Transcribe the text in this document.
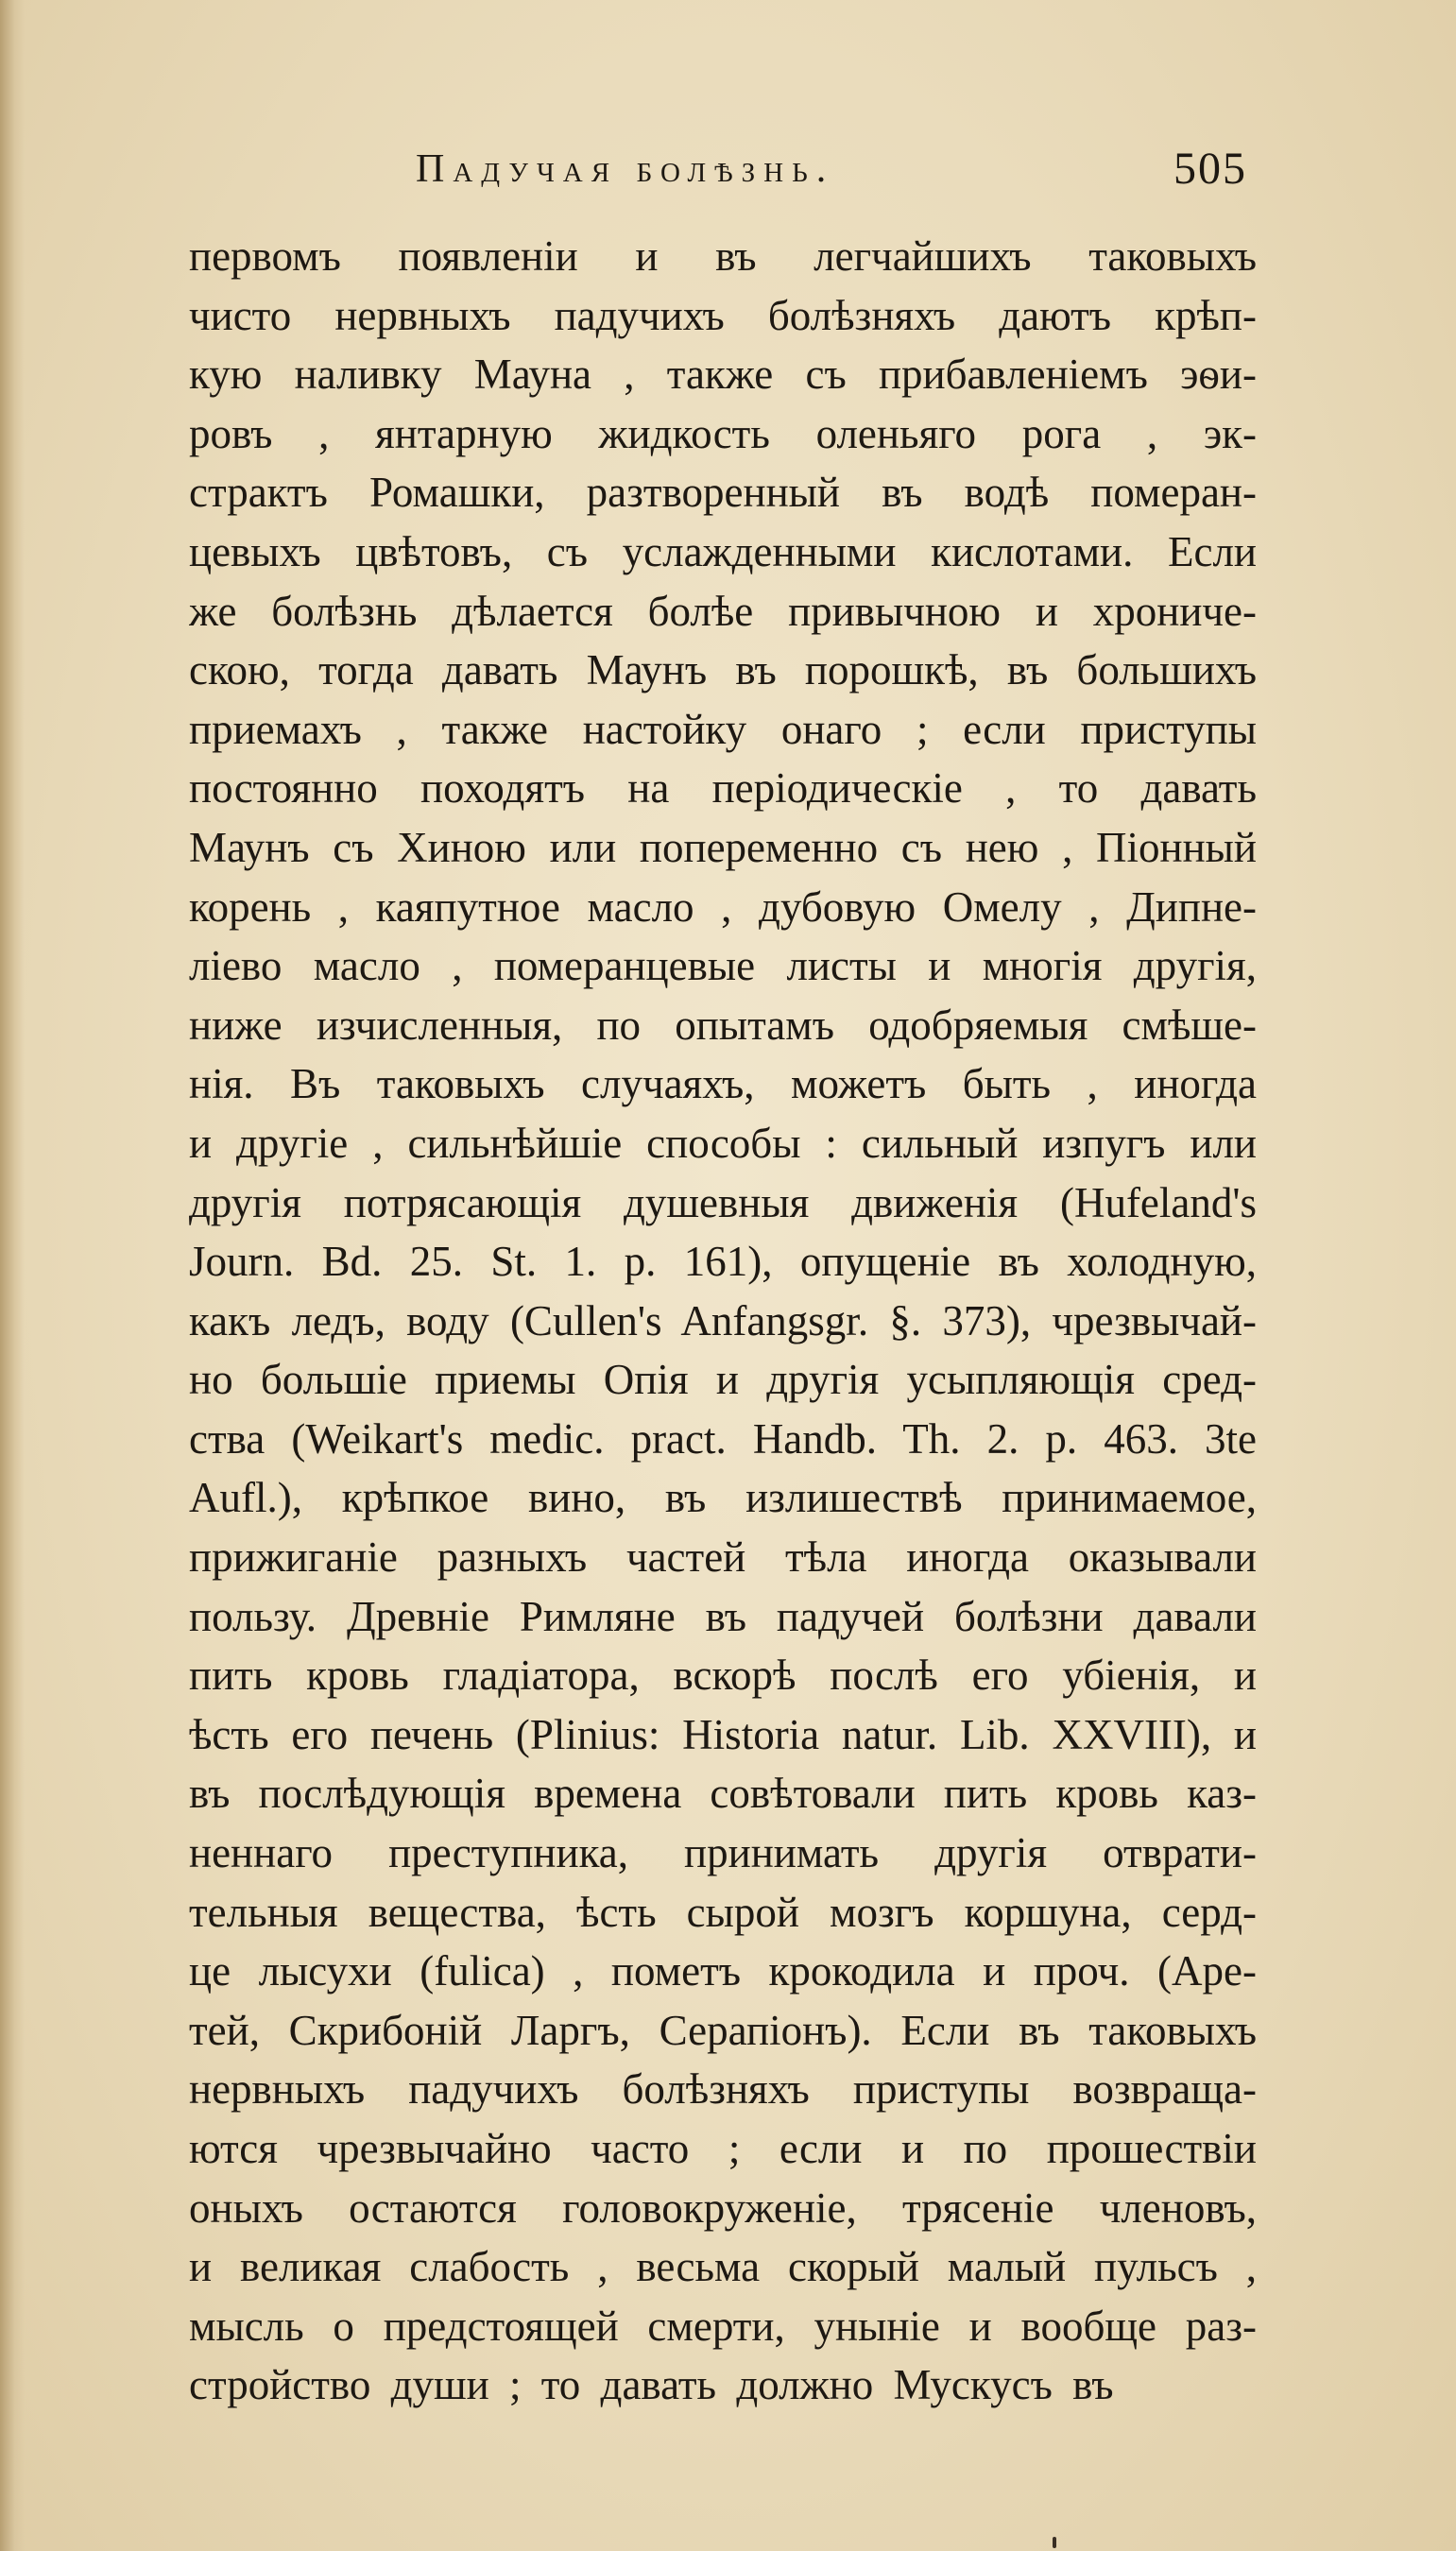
Падучая болѣзнь.	505
первомъ появленіи и въ легчайшихъ таковыхъ
чисто нервныхъ падучихъ болѣзняхъ даютъ крѣп-
кую наливку Мауна , также съ прибавленіемъ эѳи-
ровъ , янтарную жидкость оленьяго рога , эк-
страктъ Ромашки, разтворенный въ водѣ померан-
цевыхъ цвѣтовъ, съ услажденными кислотами. Если
же болѣзнь дѣлается болѣе привычною и хрониче-
скою, тогда давать Маунъ въ порошкѣ, въ большихъ
приемахъ , также настойку онаго ; если приступы
постоянно походятъ на періодическіе , то давать
Маунъ съ Хиною или попеременно съ нею , Піонный
корень , каяпутное масло , дубовую Омелу , Дипне-
ліево масло , померанцевые листы и многія другія,
ниже изчисленныя, по опытамъ одобряемыя смѣше-
нія. Въ таковыхъ случаяхъ, можетъ быть , иногда
и другіе , сильнѣйшіе способы : сильный изпугъ или
другія потрясающія душевныя движенія (Hufeland's
Journ. Bd. 25. St. 1. p. 161), опущеніе въ холодную,
какъ ледъ, воду (Cullen's Anfangsgr. §. 373), чрезвычай-
но большіе приемы Опія и другія усыпляющія сред-
ства (Weikart's medic. pract. Handb. Th. 2. p. 463. 3te
Aufl.), крѣпкое вино, въ излишествѣ принимаемое,
прижиганіе разныхъ частей тѣла иногда оказывали
пользу. Древніе Римляне въ падучей болѣзни давали
пить кровь гладіатора, вскорѣ послѣ его убіенія, и
ѣсть его печень (Plinius: Historia natur. Lib. XXVIII), и
въ послѣдующія времена совѣтовали пить кровь каз-
неннаго преступника, принимать другія отврати-
тельныя вещества, ѣсть сырой мозгъ коршуна, серд-
це лысухи (fulica) , пометъ крокодила и проч. (Аре-
тей, Скрибоній Ларгъ, Серапіонъ). Если въ таковыхъ
нервныхъ падучихъ болѣзняхъ приступы возвраща-
ются чрезвычайно часто ; если и по прошествіи
оныхъ остаются головокруженіе, трясеніе членовъ,
и великая слабость , весьма скорый малый пульсъ ,
мысль о предстоящей смерти, уныніе и вообще раз-
стройство души ; то давать должно Мускусъ въ
